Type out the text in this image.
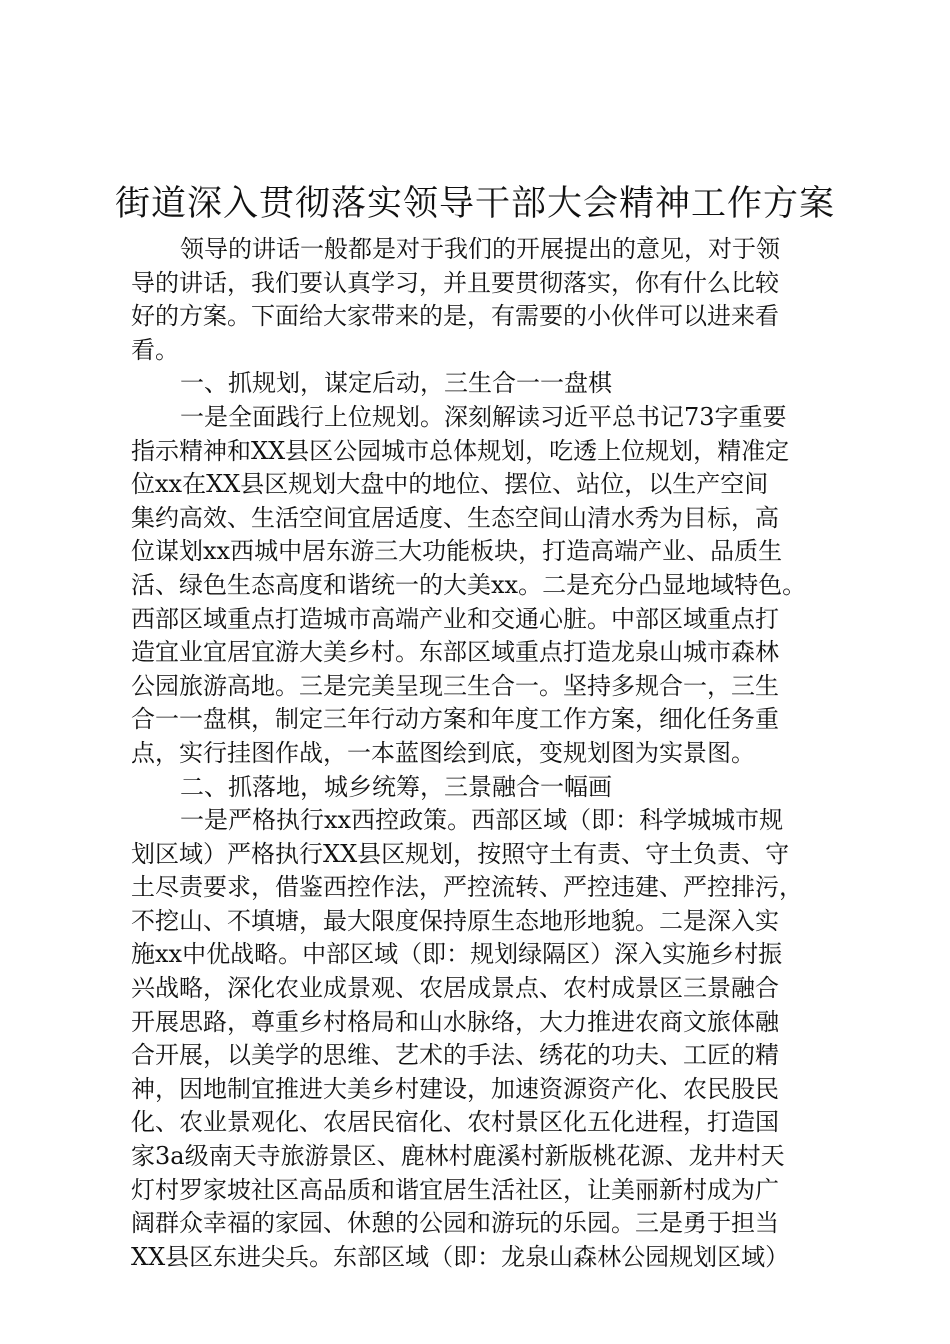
街道深入贯彻落实领导干部大会精神工作方案
领导的讲话一般都是对于我们的开展提出的意见，对于领
导的讲话，我们要认真学习，并且要贯彻落实，你有什么比较
好的方案。下面给大家带来的是，有需要的小伙伴可以进来看
看。
一、抓规划，谋定后动，三生合一一盘棋
一是全面践行上位规划。深刻解读习近平总书记73字重要
指示精神和XX县区公园城市总体规划，吃透上位规划，精准定
位xx在XX县区规划大盘中的地位、摆位、站位，以生产空间
集约高效、生活空间宜居适度、生态空间山清水秀为目标，高
位谋划xx西城中居东游三大功能板块，打造高端产业、品质生
活、绿色生态高度和谐统一的大美xx。二是充分凸显地域特色。
西部区域重点打造城市高端产业和交通心脏。中部区域重点打
造宜业宜居宜游大美乡村。东部区域重点打造龙泉山城市森林
公园旅游高地。三是完美呈现三生合一。坚持多规合一，三生
合一一盘棋，制定三年行动方案和年度工作方案，细化任务重
点，实行挂图作战，一本蓝图绘到底，变规划图为实景图。
二、抓落地，城乡统筹，三景融合一幅画
一是严格执行xx西控政策。西部区域（即：科学城城市规
划区域）严格执行XX县区规划，按照守土有责、守土负责、守
土尽责要求，借鉴西控作法，严控流转、严控违建、严控排污，
不挖山、不填塘，最大限度保持原生态地形地貌。二是深入实
施xx中优战略。中部区域（即：规划绿隔区）深入实施乡村振
兴战略，深化农业成景观、农居成景点、农村成景区三景融合
开展思路，尊重乡村格局和山水脉络，大力推进农商文旅体融
合开展，以美学的思维、艺术的手法、绣花的功夫、工匠的精
神，因地制宜推进大美乡村建设，加速资源资产化、农民股民
化、农业景观化、农居民宿化、农村景区化五化进程，打造国
家3a级南天寺旅游景区、鹿林村鹿溪村新版桃花源、龙井村天
灯村罗家坡社区高品质和谐宜居生活社区，让美丽新村成为广
阔群众幸福的家园、休憩的公园和游玩的乐园。三是勇于担当
XX县区东进尖兵。东部区域（即：龙泉山森林公园规划区域）
